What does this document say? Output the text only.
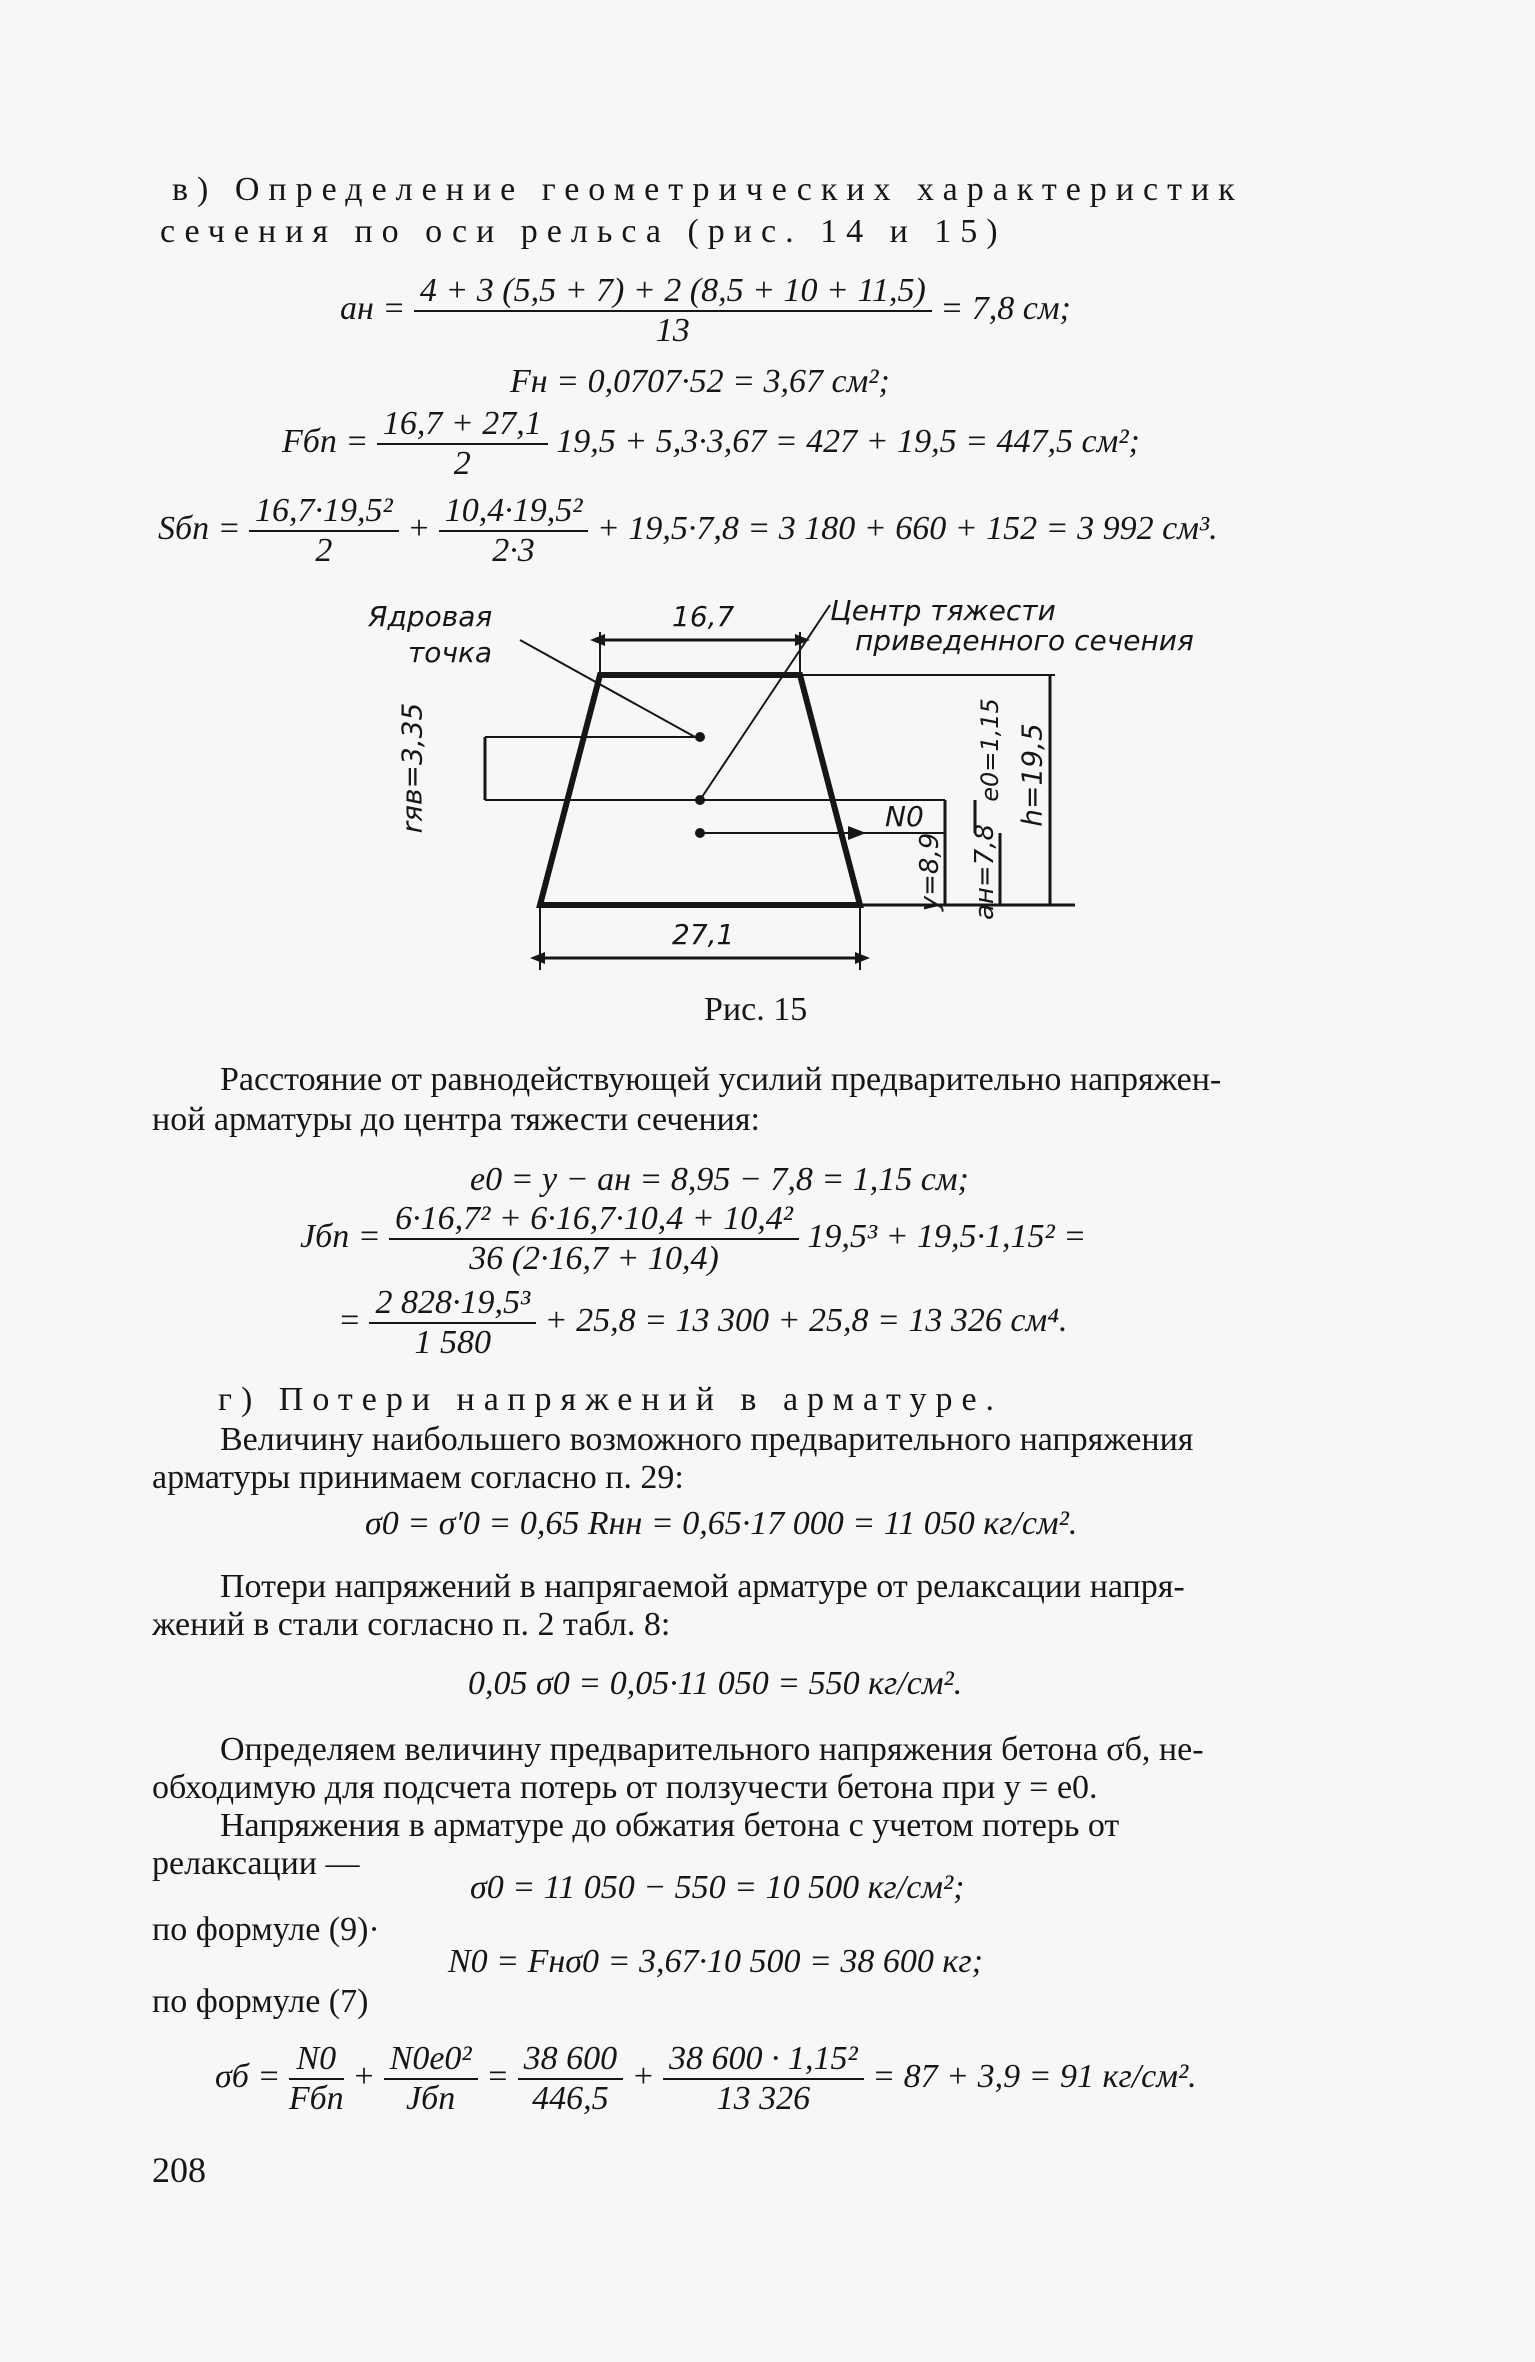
в) Определение геометрических характеристик
сечения по оси рельса (рис. 14 и 15)
aн = $\frac{4 + 3 (5,5 + 7) + 2 (8,5 + 10 + 11,5)}{13} = 7,8$ см;
Fн = 0,0707·52 = 3,67 см²;
Fбп = $\frac{16,7 + 27,1}{2} 19,5 + 5,3\cdot 3,67 = 427 + 19,5 = 447,5$ см²;
Sбп = $\frac{\text{16,7·19,5²}}{2} + \frac{\text{10,4·19,5²}}{2\cdot 3} + 19,5\cdot 7,8 = 3$ 180 + 660 + 152 = 3 992 см³.
Ядровая
точка
16,7	Центр тяжести
приведенного сечения
rяв=3,35	N0
e0=1,15 h=19,5
y=8,9 aн=7,8
27,1
Рис. 15
Расстояние от равнодействующей усилий предварительно напряжен-
ной арматуры до центра тяжести сечения:
e0 = y − aн = 8,95 − 7,8 = 1,15 см;
Jбп = $\frac{\text{6·16,7² + 6·16,7·10,4 + 10,4²}}{36 (2\cdot 16,7 + 10,4)} 19,5^3 + 19,5\cdot 1,15^2$ =
= $\frac{\text{2 828·19,5³}}{1 580} + 25,8 = 13$ 300 + 25,8 = 13 326 см⁴.
г) Потери напряжений в арматуре.
Величину наибольшего возможного предварительного напряжения
арматуры принимаем согласно п. 29:
σ0 = σ′0 = 0,65 Rнн = 0,65·17 000 = 11 050 кг/см².
Потери напряжений в напрягаемой арматуре от релаксации напря-
жений в стали согласно п. 2 табл. 8:
0,05 σ0 = 0,05·11 050 = 550 кг/см².
Определяем величину предварительного напряжения бетона σб, не-
обходимую для подсчета потерь от ползучести бетона при y = e0.
Напряжения в арматуре до обжатия бетона с учетом потерь от
релаксации —
σ0 = 11 050 − 550 = 10 500 кг/см²;
по формуле (9)·
N0 = Fнσ0 = 3,67·10 500 = 38 600 кг;
по формуле (7)
σб = N0
Fбп
+ N0e0²
Jбп
= $\frac{38 600}{446,5} + \frac{\text{38 600 · 1,15²}}{13 326} = 87 + 3,9 = 91$ кг/см².
208
